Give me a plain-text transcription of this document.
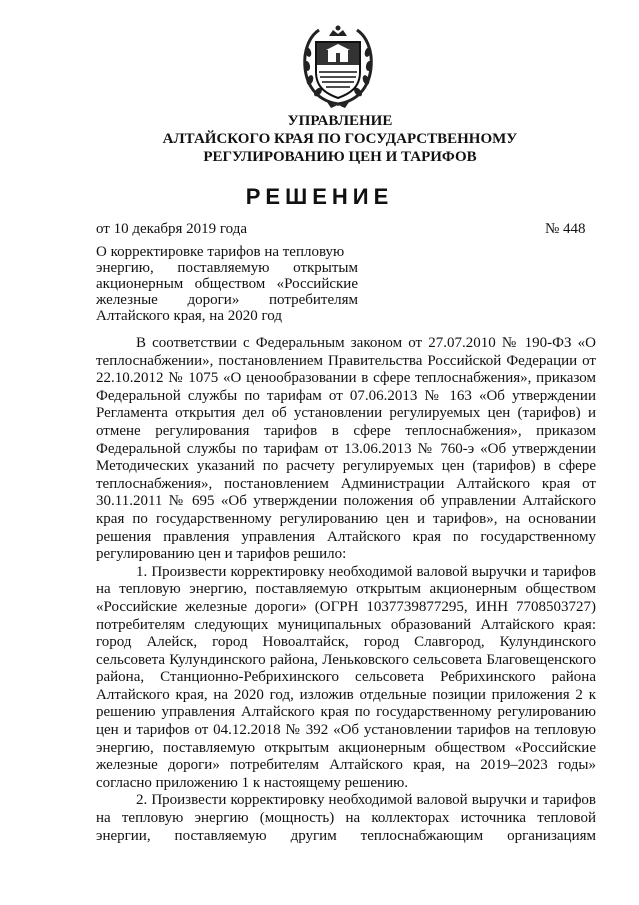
УПРАВЛЕНИЕ
АЛТАЙСКОГО КРАЯ ПО ГОСУДАРСТВЕННОМУ
РЕГУЛИРОВАНИЮ ЦЕН И ТАРИФОВ
РЕШЕНИЕ
от 10 декабря 2019 года	№ 448
О корректировке тарифов на тепловую
энергию, поставляемую открытым
акционерным обществом «Российские
железные дороги» потребителям
Алтайского края, на 2020 год
В соответствии с Федеральным законом от 27.07.2010 № 190-ФЗ «О
теплоснабжении», постановлением Правительства Российской Федерации от
22.10.2012 № 1075 «О ценообразовании в сфере теплоснабжения», приказом
Федеральной службы по тарифам от 07.06.2013 № 163 «Об утверждении
Регламента открытия дел об установлении регулируемых цен (тарифов) и
отмене регулирования тарифов в сфере теплоснабжения», приказом
Федеральной службы по тарифам от 13.06.2013 № 760-э «Об утверждении
Методических указаний по расчету регулируемых цен (тарифов) в сфере
теплоснабжения», постановлением Администрации Алтайского края от
30.11.2011 № 695 «Об утверждении положения об управлении Алтайского
края по государственному регулированию цен и тарифов», на основании
решения правления управления Алтайского края по государственному
регулированию цен и тарифов решило:
1. Произвести корректировку необходимой валовой выручки и тарифов
на тепловую энергию, поставляемую открытым акционерным обществом
«Российские железные дороги» (ОГРН 1037739877295, ИНН 7708503727)
потребителям следующих муниципальных образований Алтайского края:
город Алейск, город Новоалтайск, город Славгород, Кулундинского
сельсовета Кулундинского района, Леньковского сельсовета Благовещенского
района, Станционно-Ребрихинского сельсовета Ребрихинского района
Алтайского края, на 2020 год, изложив отдельные позиции приложения 2 к
решению управления Алтайского края по государственному регулированию
цен и тарифов от 04.12.2018 № 392 «Об установлении тарифов на тепловую
энергию, поставляемую открытым акционерным обществом «Российские
железные дороги» потребителям Алтайского края, на 2019–2023 годы»
согласно приложению 1 к настоящему решению.
2. Произвести корректировку необходимой валовой выручки и тарифов
на тепловую энергию (мощность) на коллекторах источника тепловой
энергии, поставляемую другим теплоснабжающим организациям
